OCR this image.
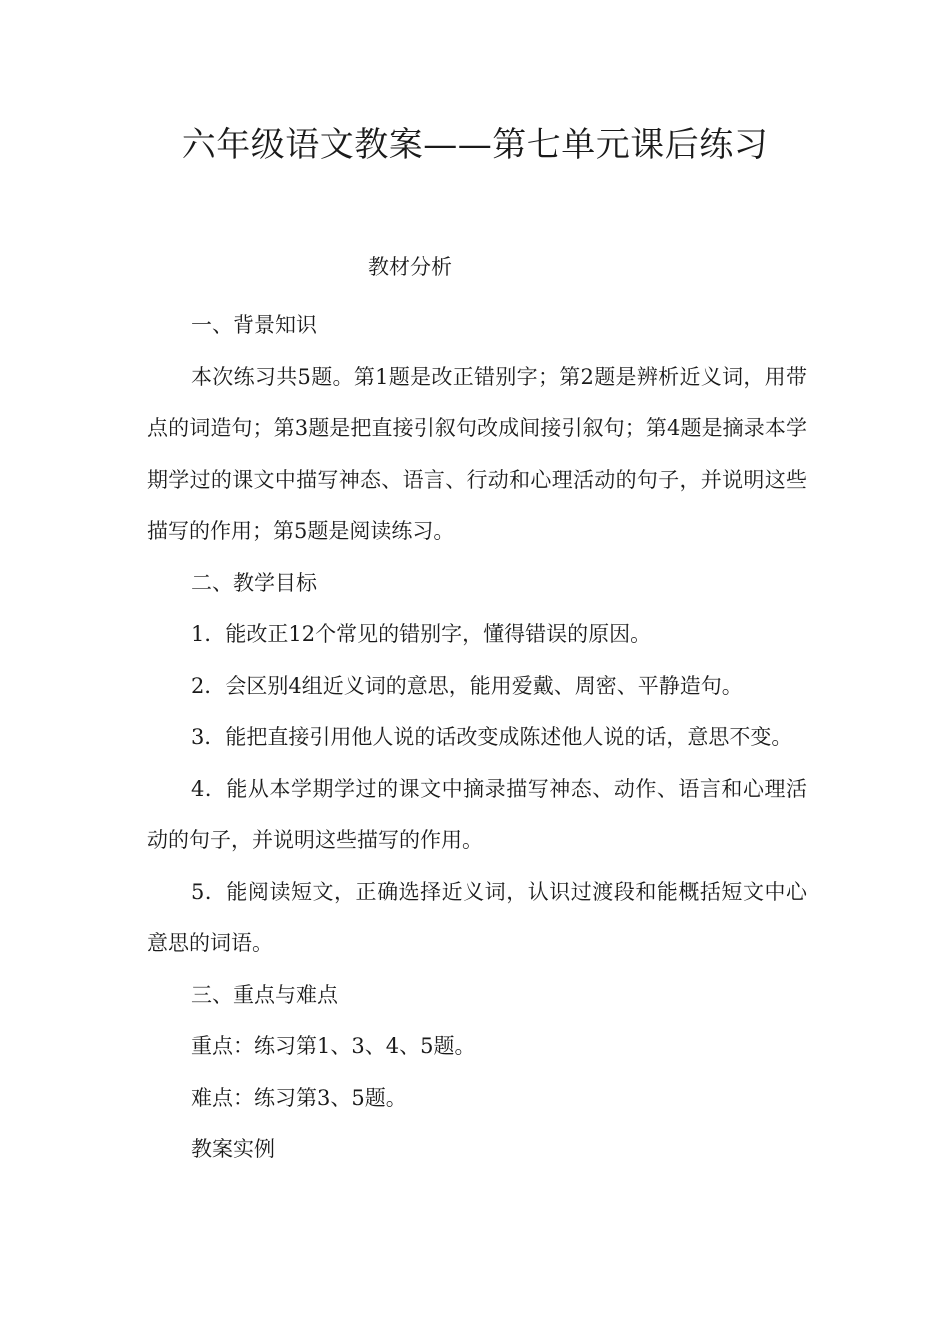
六年级语文教案——第七单元课后练习
教材分析

一、背景知识

本次练习共5题。第1题是改正错别字；第2题是辨析近义词，用带点的词造句；第3题是把直接引叙句改成间接引叙句；第4题是摘录本学期学过的课文中描写神态、语言、行动和心理活动的句子，并说明这些描写的作用；第5题是阅读练习。

二、教学目标

1．能改正12个常见的错别字，懂得错误的原因。

2．会区别4组近义词的意思，能用爱戴、周密、平静造句。

3．能把直接引用他人说的话改变成陈述他人说的话，意思不变。

4．能从本学期学过的课文中摘录描写神态、动作、语言和心理活动的句子，并说明这些描写的作用。

5．能阅读短文，正确选择近义词，认识过渡段和能概括短文中心意思的词语。

三、重点与难点

重点：练习第1、3、4、5题。

难点：练习第3、5题。

教案实例
